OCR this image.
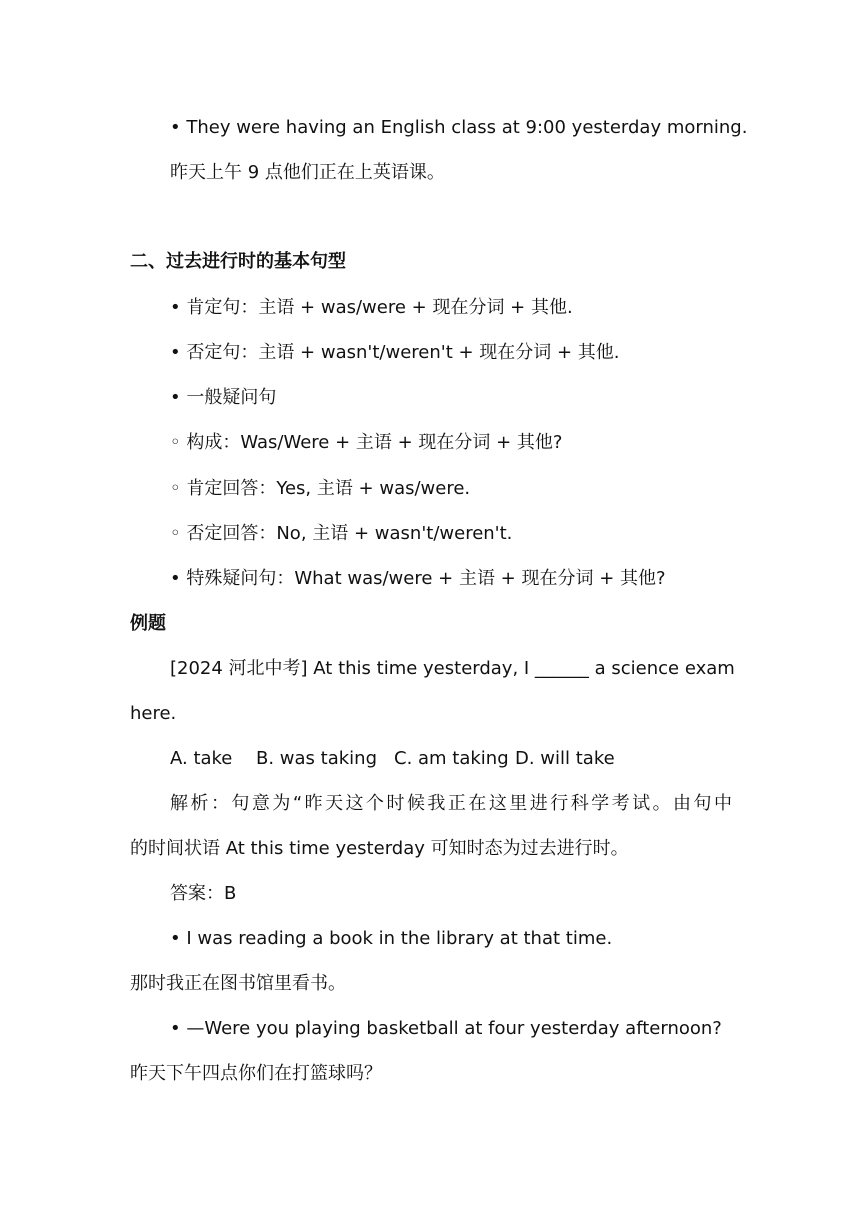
• They were having an English class at 9:00 yesterday morning.
昨天上午 9 点他们正在上英语课。
二、过去进行时的基本句型
• 肯定句：主语 + was/were + 现在分词 + 其他.
• 否定句：主语 + wasn't/weren't + 现在分词 + 其他.
• 一般疑问句
◦ 构成：Was/Were + 主语 + 现在分词 + 其他?
◦ 肯定回答：Yes, 主语 + was/were.
◦ 否定回答：No, 主语 + wasn't/weren't.
• 特殊疑问句：What was/were + 主语 + 现在分词 + 其他?
例题
[2024 河北中考] At this time yesterday, I ______ a science exam
here.
A. take B. was taking C. am taking D. will take
解析：句意为“昨天这个时候我正在这里进行科学考试。由句中
的时间状语 At this time yesterday 可知时态为过去进行时。
答案：B
• I was reading a book in the library at that time.
那时我正在图书馆里看书。
• —Were you playing basketball at four yesterday afternoon?
昨天下午四点你们在打篮球吗？
